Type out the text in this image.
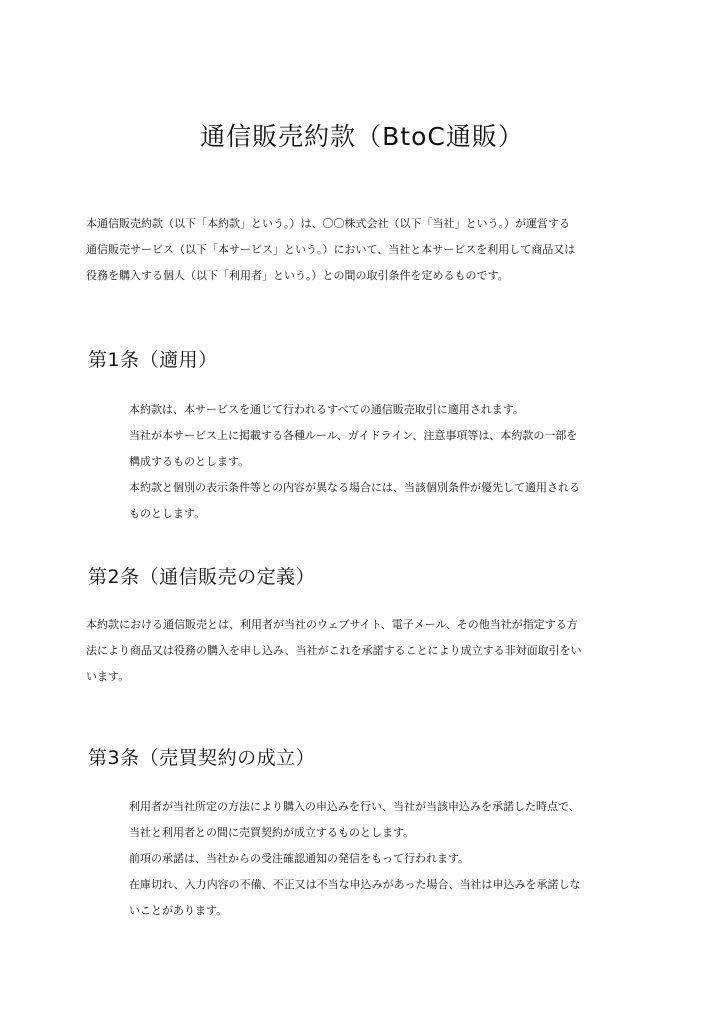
通信販売約款（BtoC通販）
本通信販売約款（以下「本約款」という。）は、〇〇株式会社（以下「当社」という。）が運営する
通信販売サービス（以下「本サービス」という。）において、当社と本サービスを利用して商品又は
役務を購入する個人（以下「利用者」という。）との間の取引条件を定めるものです。
第1条（適用）
本約款は、本サービスを通じて行われるすべての通信販売取引に適用されます。
当社が本サービス上に掲載する各種ルール、ガイドライン、注意事項等は、本約款の一部を
構成するものとします。
本約款と個別の表示条件等との内容が異なる場合には、当該個別条件が優先して適用される
ものとします。
第2条（通信販売の定義）
本約款における通信販売とは、利用者が当社のウェブサイト、電子メール、その他当社が指定する方
法により商品又は役務の購入を申し込み、当社がこれを承諾することにより成立する非対面取引をい
います。
第3条（売買契約の成立）
利用者が当社所定の方法により購入の申込みを行い、当社が当該申込みを承諾した時点で、
当社と利用者との間に売買契約が成立するものとします。
前項の承諾は、当社からの受注確認通知の発信をもって行われます。
在庫切れ、入力内容の不備、不正又は不当な申込みがあった場合、当社は申込みを承諾しな
いことがあります。
